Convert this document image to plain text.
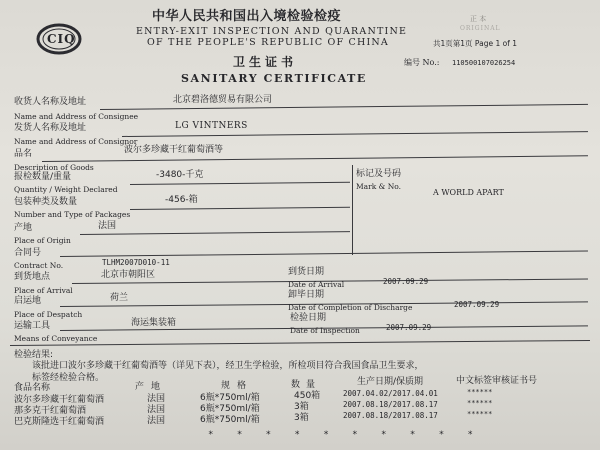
CIQ
中华人民共和国出入境检验检疫
ENTRY-EXIT INSPECTION AND QUARANTINE
OF THE PEOPLE'S REPUBLIC OF CHINA
正 本
ORIGINAL
共1页第1页 Page 1 of 1
卫生证书	编号 No.: 110500107026254
SANITARY CERTIFICATE
收货人名称及地址	北京碧洛德贸易有限公司
Name and Address of Consignee
发货人名称及地址	LG VINTNERS
Name and Address of Consignor
品名	波尔多珍藏干红葡萄酒等
Description of Goods
标记及号码
Mark & No.
A WORLD APART
报检数量/重量	-3480-千克
Quantity / Weight Declared
包装种类及数量	-456-箱
Number and Type of Packages
产地	法国
Place of Origin
合同号
Contract No.	TLHM2007D010-11
到货地点	北京市朝阳区	到货日期
Place of Arrival
Date of Arrival	2007.09.29
启运地	荷兰	卸毕日期
Place of Despatch
Date of Completion of Discharge	2007.09.29
运输工具	海运集装箱	检验日期
Means of Conveyance
Date of Inspection	2007.09.29
检验结果:
该批进口波尔多珍藏干红葡萄酒等（详见下表），经卫生学检验，所检项目符合我国食品卫生要求，
标签经检验合格。
食品名称	产地	规格	数量	生产日期/保质期	中文标签审核证书号
波尔多珍藏干红葡萄酒	法国	6瓶*750ml/箱	450箱	2007.04.02/2017.04.01	******
那多克干红葡萄酒	法国	6瓶*750ml/箱	3箱	2007.08.18/2017.08.17	******
巴克斯隆选干红葡萄酒	法国	6瓶*750ml/箱	3箱	2007.08.18/2017.08.17	******
* * * * * * * * * *
